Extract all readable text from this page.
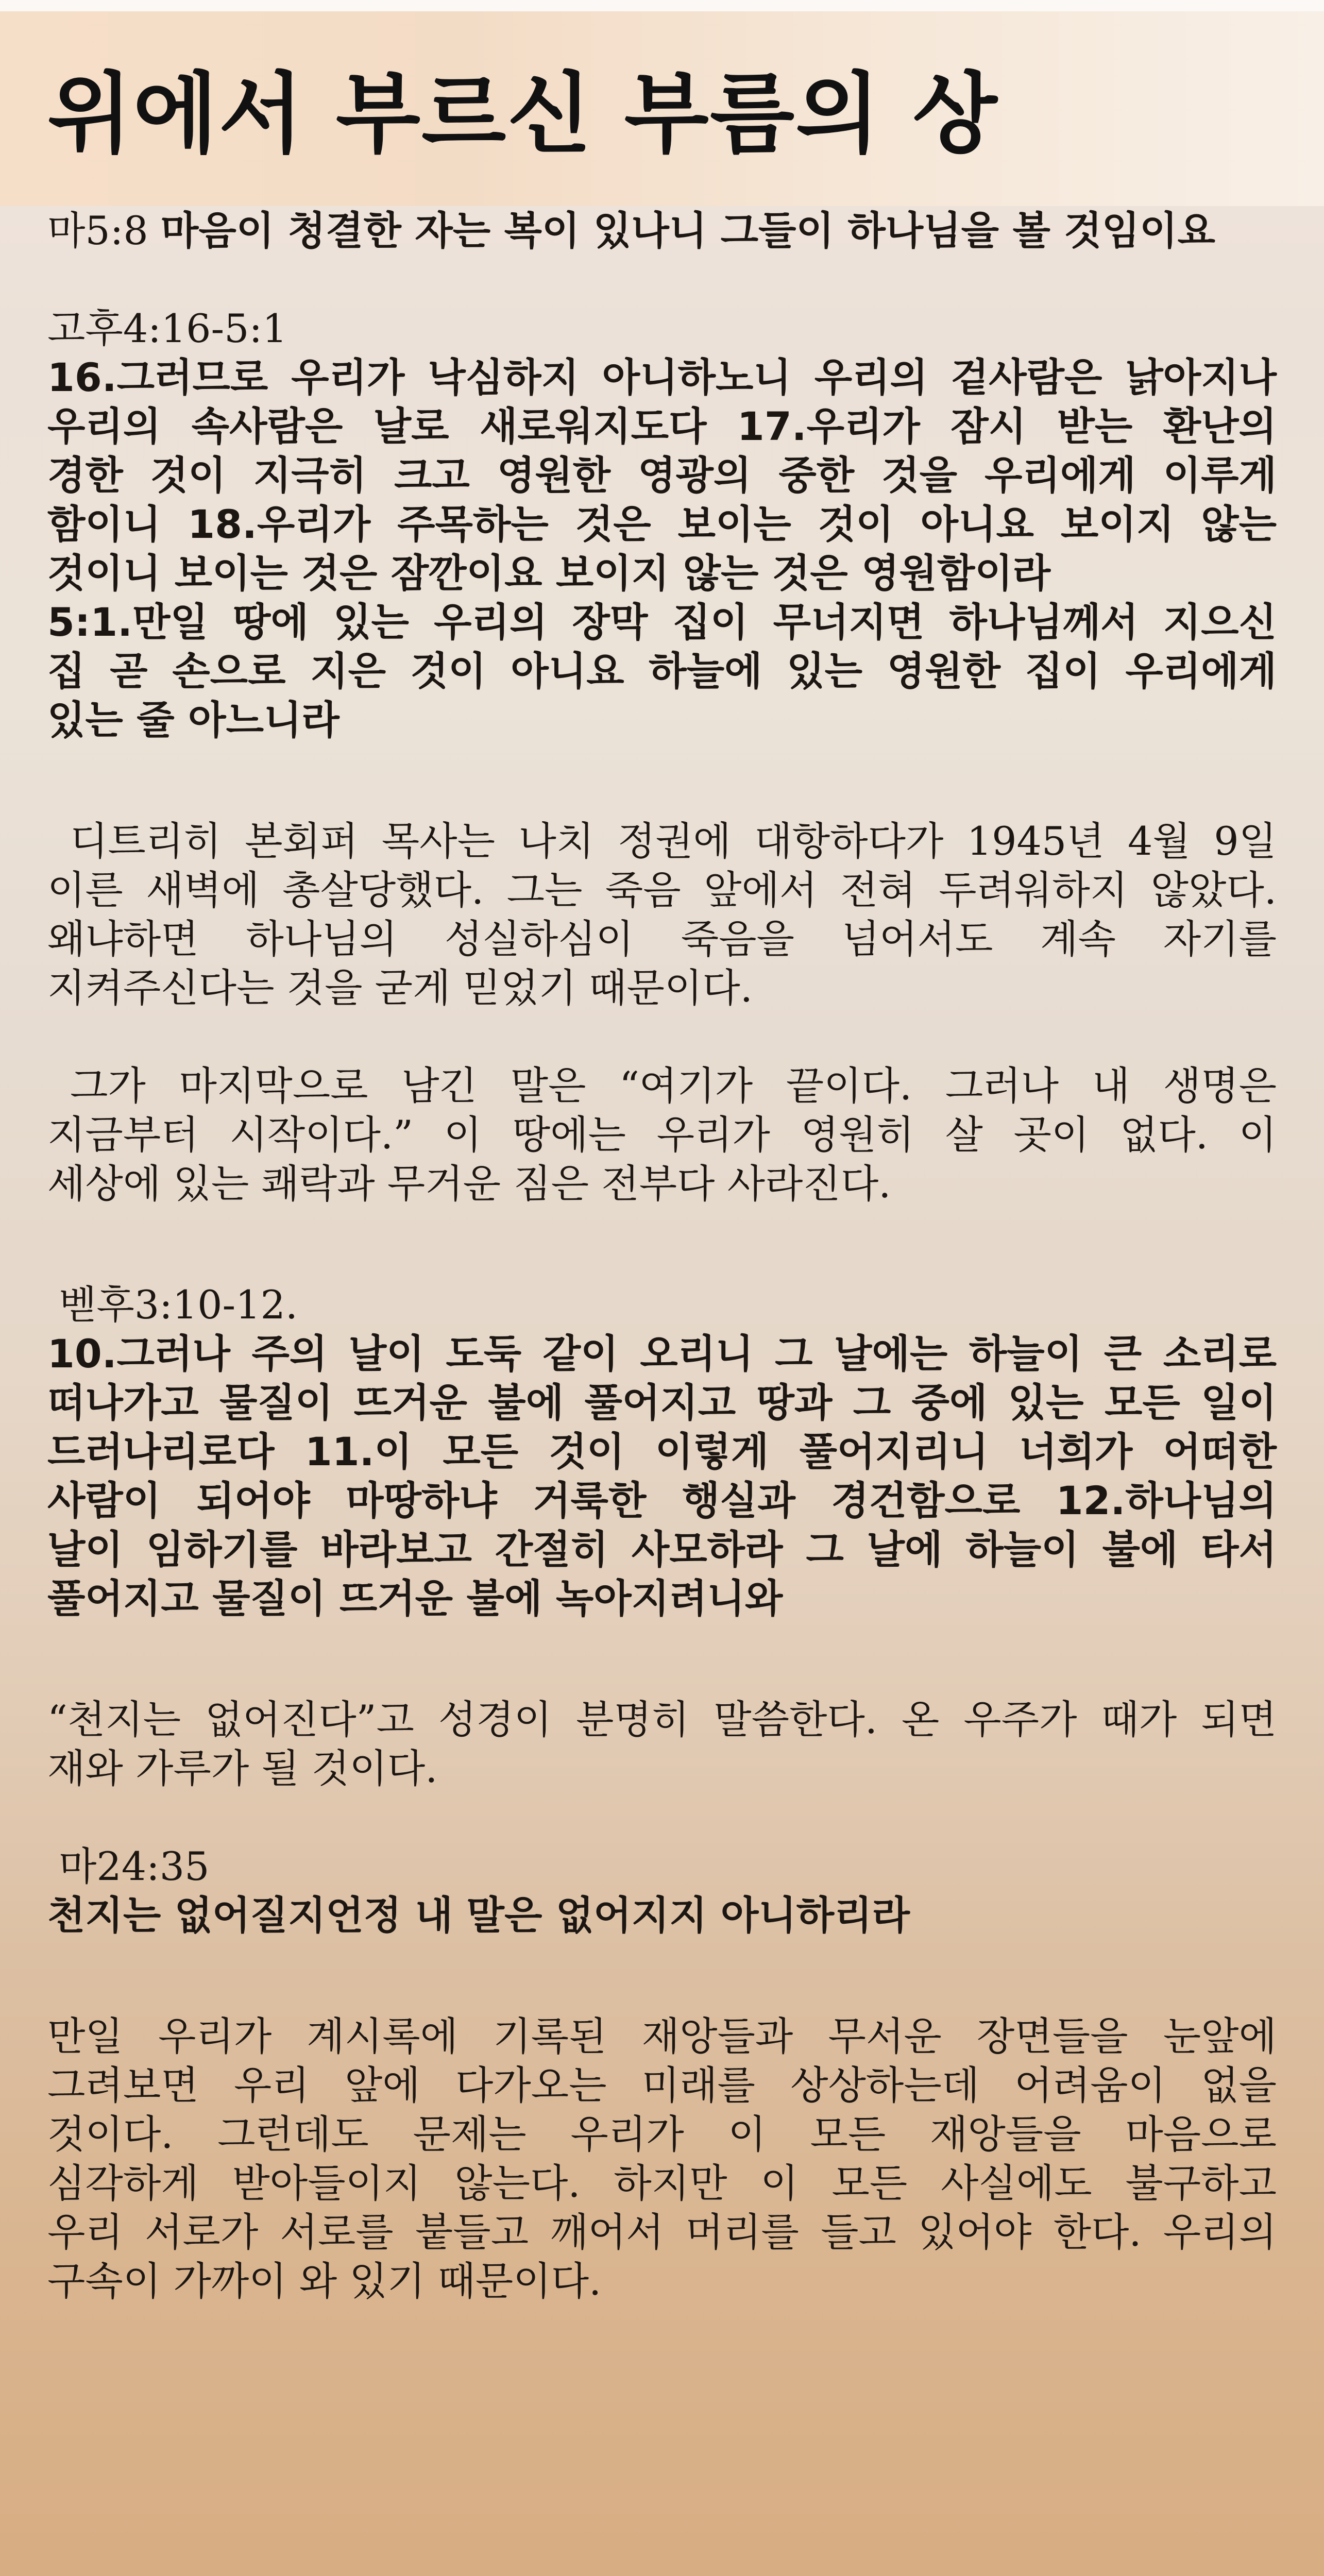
위에서 부르신 부름의 상
마5:8 마음이 청결한 자는 복이 있나니 그들이 하나님을 볼 것임이요
고후4:16-5:1
16.그러므로 우리가 낙심하지 아니하노니 우리의 겉사람은 낡아지나
우리의 속사람은 날로 새로워지도다 17.우리가 잠시 받는 환난의
경한 것이 지극히 크고 영원한 영광의 중한 것을 우리에게 이루게
함이니 18.우리가 주목하는 것은 보이는 것이 아니요 보이지 않는
것이니 보이는 것은 잠깐이요 보이지 않는 것은 영원함이라
5:1.만일 땅에 있는 우리의 장막 집이 무너지면 하나님께서 지으신
집 곧 손으로 지은 것이 아니요 하늘에 있는 영원한 집이 우리에게
있는 줄 아느니라
디트리히 본회퍼 목사는 나치 정권에 대항하다가 1945년 4월 9일
이른 새벽에 총살당했다. 그는 죽음 앞에서 전혀 두려워하지 않았다.
왜냐하면 하나님의 성실하심이 죽음을 넘어서도 계속 자기를
지켜주신다는 것을 굳게 믿었기 때문이다.
그가 마지막으로 남긴 말은 “여기가 끝이다. 그러나 내 생명은
지금부터 시작이다.” 이 땅에는 우리가 영원히 살 곳이 없다. 이
세상에 있는 쾌락과 무거운 짐은 전부다 사라진다.
벧후3:10-12.
10.그러나 주의 날이 도둑 같이 오리니 그 날에는 하늘이 큰 소리로
떠나가고 물질이 뜨거운 불에 풀어지고 땅과 그 중에 있는 모든 일이
드러나리로다 11.이 모든 것이 이렇게 풀어지리니 너희가 어떠한
사람이 되어야 마땅하냐 거룩한 행실과 경건함으로 12.하나님의
날이 임하기를 바라보고 간절히 사모하라 그 날에 하늘이 불에 타서
풀어지고 물질이 뜨거운 불에 녹아지려니와
“천지는 없어진다”고 성경이 분명히 말씀한다. 온 우주가 때가 되면
재와 가루가 될 것이다.
마24:35
천지는 없어질지언정 내 말은 없어지지 아니하리라
만일 우리가 계시록에 기록된 재앙들과 무서운 장면들을 눈앞에
그려보면 우리 앞에 다가오는 미래를 상상하는데 어려움이 없을
것이다. 그런데도 문제는 우리가 이 모든 재앙들을 마음으로
심각하게 받아들이지 않는다. 하지만 이 모든 사실에도 불구하고
우리 서로가 서로를 붙들고 깨어서 머리를 들고 있어야 한다. 우리의
구속이 가까이 와 있기 때문이다.
